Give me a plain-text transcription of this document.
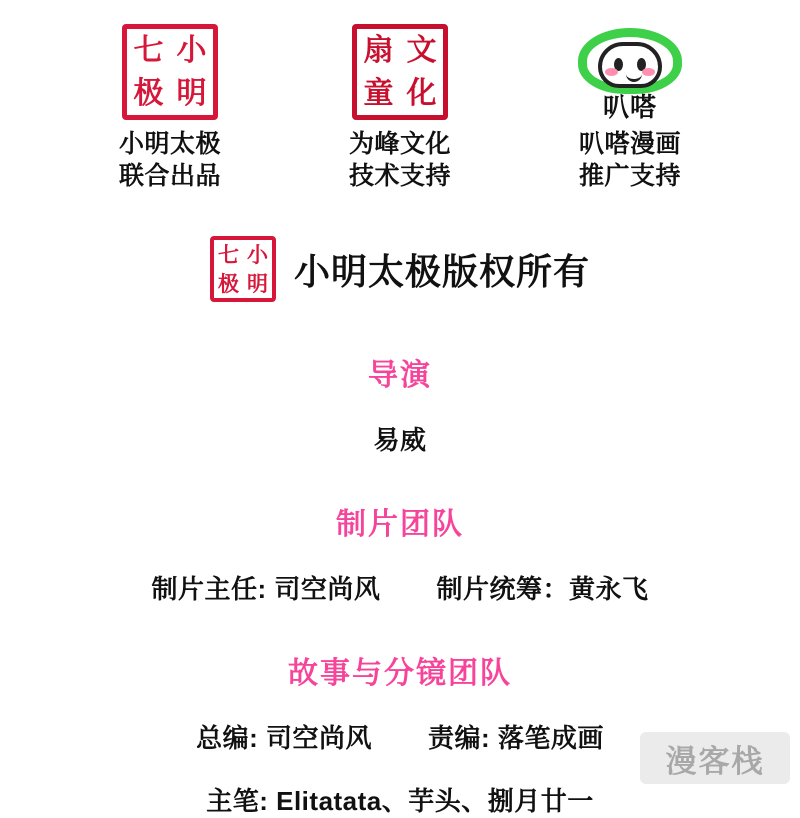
七 小
极 明
小明太极
联合出品
扇 文
童 化
为峰文化
技术支持
叭嗒
叭嗒漫画
推广支持
七 小
极 明 小明太极版权所有
导演
易威
制片团队
制片主任: 司空尚风 制片统筹：黄永飞
故事与分镜团队
总编: 司空尚风 责编: 落笔成画
主笔: Elitatata、芋头、捌月廿一
漫客栈
